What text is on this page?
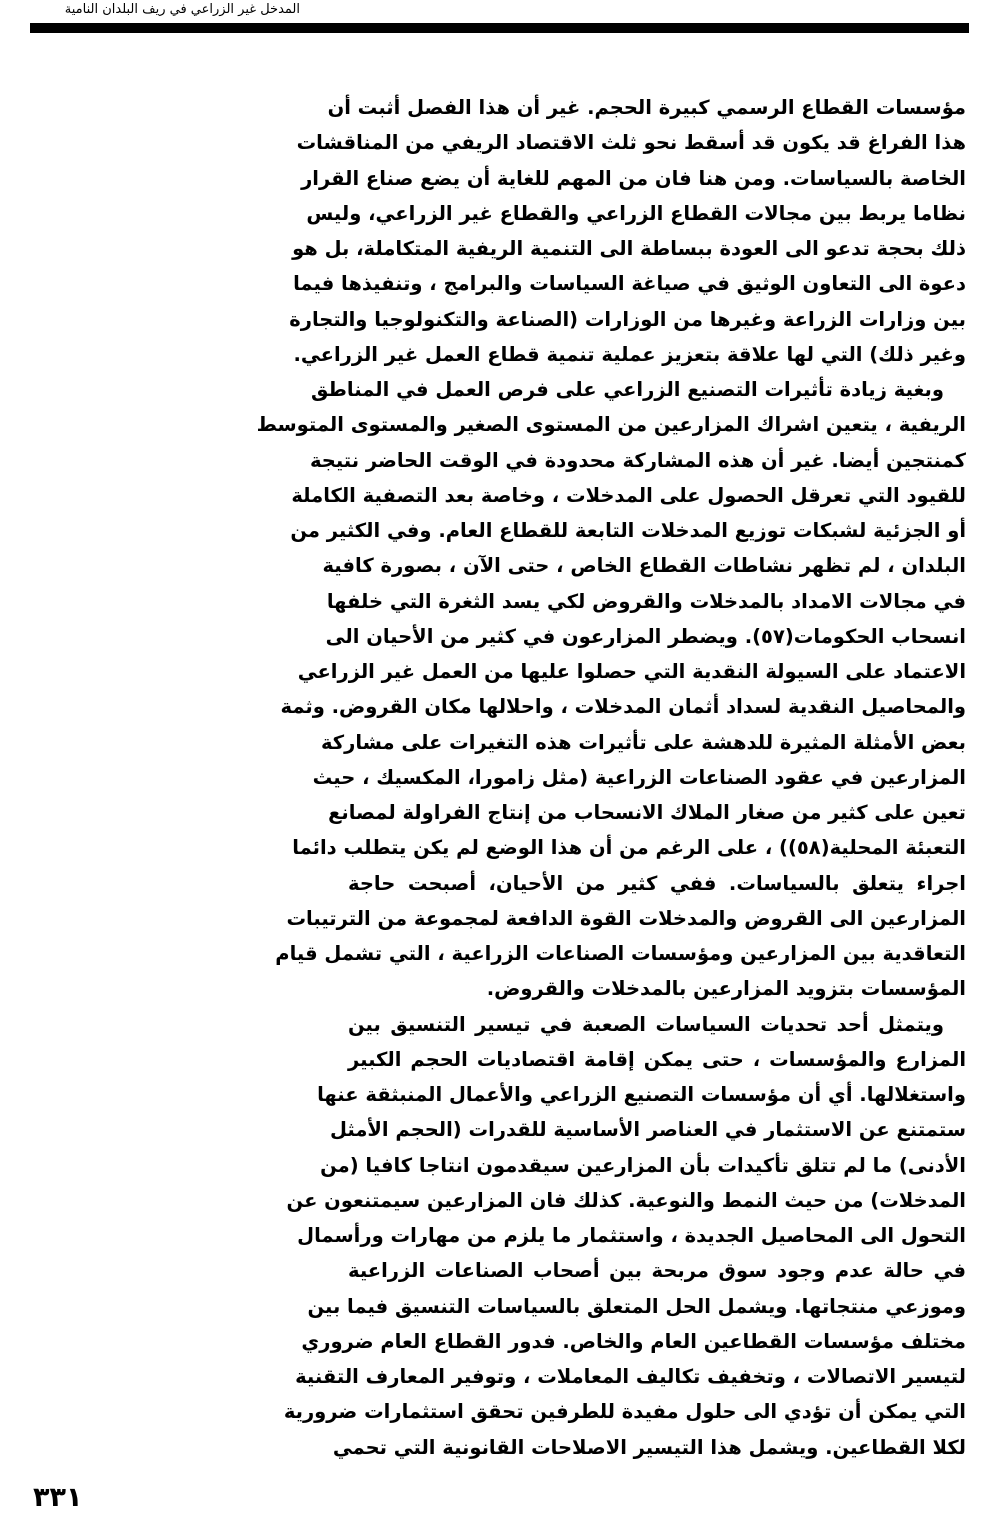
المدخل غير الزراعي في ريف البلدان النامية
مؤسسات القطاع الرسمي كبيرة الحجم. غير أن هذا الفصل أثبت أن
هذا الفراغ قد يكون قد أسقط نحو ثلث الاقتصاد الريفي من المناقشات
الخاصة بالسياسات. ومن هنا فان من المهم للغاية أن يضع صناع القرار
نظاما يربط بين مجالات القطاع الزراعي والقطاع غير الزراعي، وليس
ذلك بحجة تدعو الى العودة ببساطة الى التنمية الريفية المتكاملة، بل هو
دعوة الى التعاون الوثيق في صياغة السياسات والبرامج ، وتنفيذها فيما
بين وزارات الزراعة وغيرها من الوزارات (الصناعة والتكنولوجيا والتجارة
وغير ذلك) التي لها علاقة بتعزيز عملية تنمية قطاع العمل غير الزراعي.
وبغية زيادة تأثيرات التصنيع الزراعي على فرص العمل في المناطق
الريفية ، يتعين اشراك المزارعين من المستوى الصغير والمستوى المتوسط
كمنتجين أيضا. غير أن هذه المشاركة محدودة في الوقت الحاضر نتيجة
للقيود التي تعرقل الحصول على المدخلات ، وخاصة بعد التصفية الكاملة
أو الجزئية لشبكات توزيع المدخلات التابعة للقطاع العام. وفي الكثير من
البلدان ، لم تظهر نشاطات القطاع الخاص ، حتى الآن ، بصورة كافية
في مجالات الامداد بالمدخلات والقروض لكي يسد الثغرة التي خلفها
انسحاب الحكومات(٥٧). ويضطر المزارعون في كثير من الأحيان الى
الاعتماد على السيولة النقدية التي حصلوا عليها من العمل غير الزراعي
والمحاصيل النقدية لسداد أثمان المدخلات ، واحلالها مكان القروض. وثمة
بعض الأمثلة المثيرة للدهشة على تأثيرات هذه التغيرات على مشاركة
المزارعين في عقود الصناعات الزراعية (مثل زامورا، المكسيك ، حيث
تعين على كثير من صغار الملاك الانسحاب من إنتاج الفراولة لمصانع
التعبئة المحلية(٥٨)) ، على الرغم من أن هذا الوضع لم يكن يتطلب دائما
اجراء يتعلق بالسياسات. ففي كثير من الأحيان، أصبحت حاجة
المزارعين الى القروض والمدخلات القوة الدافعة لمجموعة من الترتيبات
التعاقدية بين المزارعين ومؤسسات الصناعات الزراعية ، التي تشمل قيام
المؤسسات بتزويد المزارعين بالمدخلات والقروض.
ويتمثل أحد تحديات السياسات الصعبة في تيسير التنسيق بين
المزارع والمؤسسات ، حتى يمكن إقامة اقتصاديات الحجم الكبير
واستغلالها. أي أن مؤسسات التصنيع الزراعي والأعمال المنبثقة عنها
ستمتنع عن الاستثمار في العناصر الأساسية للقدرات (الحجم الأمثل
الأدنى) ما لم تتلق تأكيدات بأن المزارعين سيقدمون انتاجا كافيا (من
المدخلات) من حيث النمط والنوعية. كذلك فان المزارعين سيمتنعون عن
التحول الى المحاصيل الجديدة ، واستثمار ما يلزم من مهارات ورأسمال
في حالة عدم وجود سوق مربحة بين أصحاب الصناعات الزراعية
وموزعي منتجاتها. ويشمل الحل المتعلق بالسياسات التنسيق فيما بين
مختلف مؤسسات القطاعين العام والخاص. فدور القطاع العام ضروري
لتيسير الاتصالات ، وتخفيف تكاليف المعاملات ، وتوفير المعارف التقنية
التي يمكن أن تؤدي الى حلول مفيدة للطرفين تحقق استثمارات ضرورية
لكلا القطاعين. ويشمل هذا التيسير الاصلاحات القانونية التي تحمي
٣٣١
